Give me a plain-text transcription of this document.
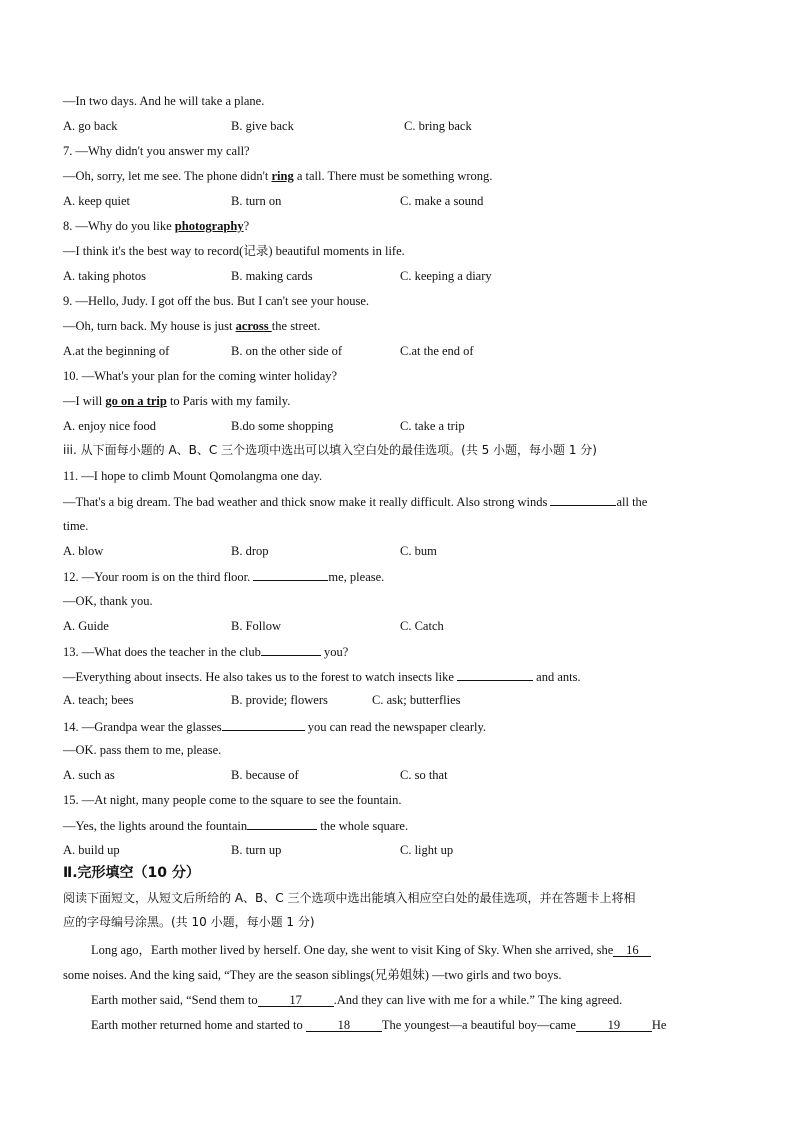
—In two days. And he will take a plane.
A. go back	B. give back	C. bring back
7. —Why didn't you answer my call?
—Oh, sorry, let me see. The phone didn't ring a tall. There must be something wrong.
A. keep quiet	B. turn on	C. make a sound
8. —Why do you like photography?
—I think it's the best way to record(记录) beautiful moments in life.
A. taking photos	B. making cards	C. keeping a diary
9. —Hello, Judy. I got off the bus. But I can't see your house.
—Oh, turn back. My house is just across the street.
A.at the beginning of	B. on the other side of	C.at the end of
10. —What's your plan for the coming winter holiday?
—I will go on a trip to Paris with my family.
A. enjoy nice food	B.do some shopping	C. take a trip
iii. 从下面每小题的 A、B、C 三个选项中选出可以填入空白处的最佳选项。(共 5 小题，每小题 1 分)
11. —I hope to climb Mount Qomolangma one day.
—That's a big dream. The bad weather and thick snow make it really difficult. Also strong winds	all the
time.
A. blow	B. drop	C. bum
12. —Your room is on the third floor.	me, please.
—OK, thank you.
A. Guide	B. Follow	C. Catch
13. —What does the teacher in the club	you?
—Everything about insects. He also takes us to the forest to watch insects like	and ants.
A. teach; bees	B. provide; flowers	C. ask; butterflies
14. —Grandpa wear the glasses	you can read the newspaper clearly.
—OK. pass them to me, please.
A. such as	B. because of	C. so that
15. —At night, many people come to the square to see the fountain.
—Yes, the lights around the fountain	the whole square.
A. build up	B. turn up	C. light up
Ⅱ.完形填空（10 分）
阅读下面短文，从短文后所给的 A、B、C 三个选项中选出能填入相应空白处的最佳选项，并在答题卡上将相
应的字母编号涂黑。(共 10 小题，每小题 1 分)
Long ago，Earth mother lived by herself. One day, she went to visit King of Sky. When she arrived, she 16
some noises. And the king said, “They are the season siblings(兄弟姐妹) —two girls and two boys.
Earth mother said, “Send them to	17	.And they can live with me for a while.” The king agreed.
Earth mother returned home and started to	18	The youngest—a beautiful boy—came	19	He
